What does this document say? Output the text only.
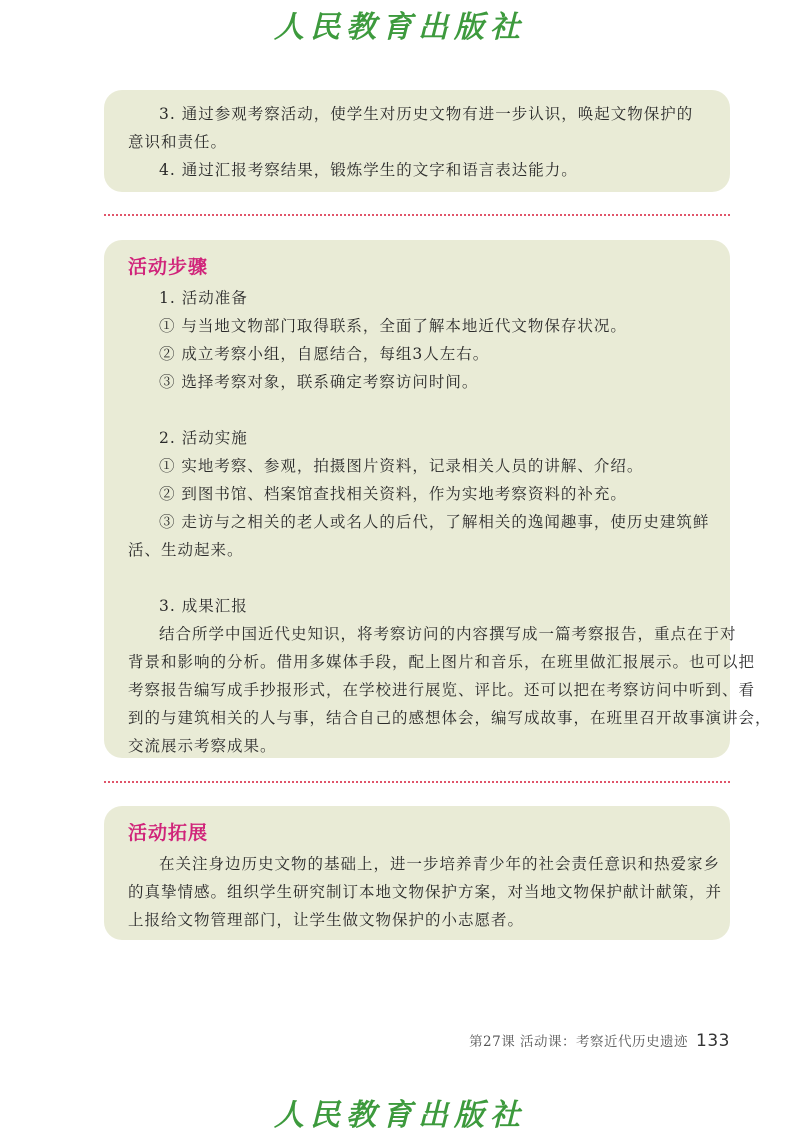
人民教育出版社

3. 通过参观考察活动，使学生对历史文物有进一步认识，唤起文物保护的

意识和责任。

4. 通过汇报考察结果，锻炼学生的文字和语言表达能力。

活动步骤

1. 活动准备

① 与当地文物部门取得联系，全面了解本地近代文物保存状况。

② 成立考察小组，自愿结合，每组3人左右。

③ 选择考察对象，联系确定考察访问时间。

2. 活动实施

① 实地考察、参观，拍摄图片资料，记录相关人员的讲解、介绍。

② 到图书馆、档案馆查找相关资料，作为实地考察资料的补充。

③ 走访与之相关的老人或名人的后代，了解相关的逸闻趣事，使历史建筑鲜

活、生动起来。

3. 成果汇报

结合所学中国近代史知识，将考察访问的内容撰写成一篇考察报告，重点在于对

背景和影响的分析。借用多媒体手段，配上图片和音乐，在班里做汇报展示。也可以把

考察报告编写成手抄报形式，在学校进行展览、评比。还可以把在考察访问中听到、看

到的与建筑相关的人与事，结合自己的感想体会，编写成故事，在班里召开故事演讲会，

交流展示考察成果。

活动拓展

在关注身边历史文物的基础上，进一步培养青少年的社会责任意识和热爱家乡

的真挚情感。组织学生研究制订本地文物保护方案，对当地文物保护献计献策，并

上报给文物管理部门，让学生做文物保护的小志愿者。

第27课 活动课：考察近代历史遗迹 133
人民教育出版社
